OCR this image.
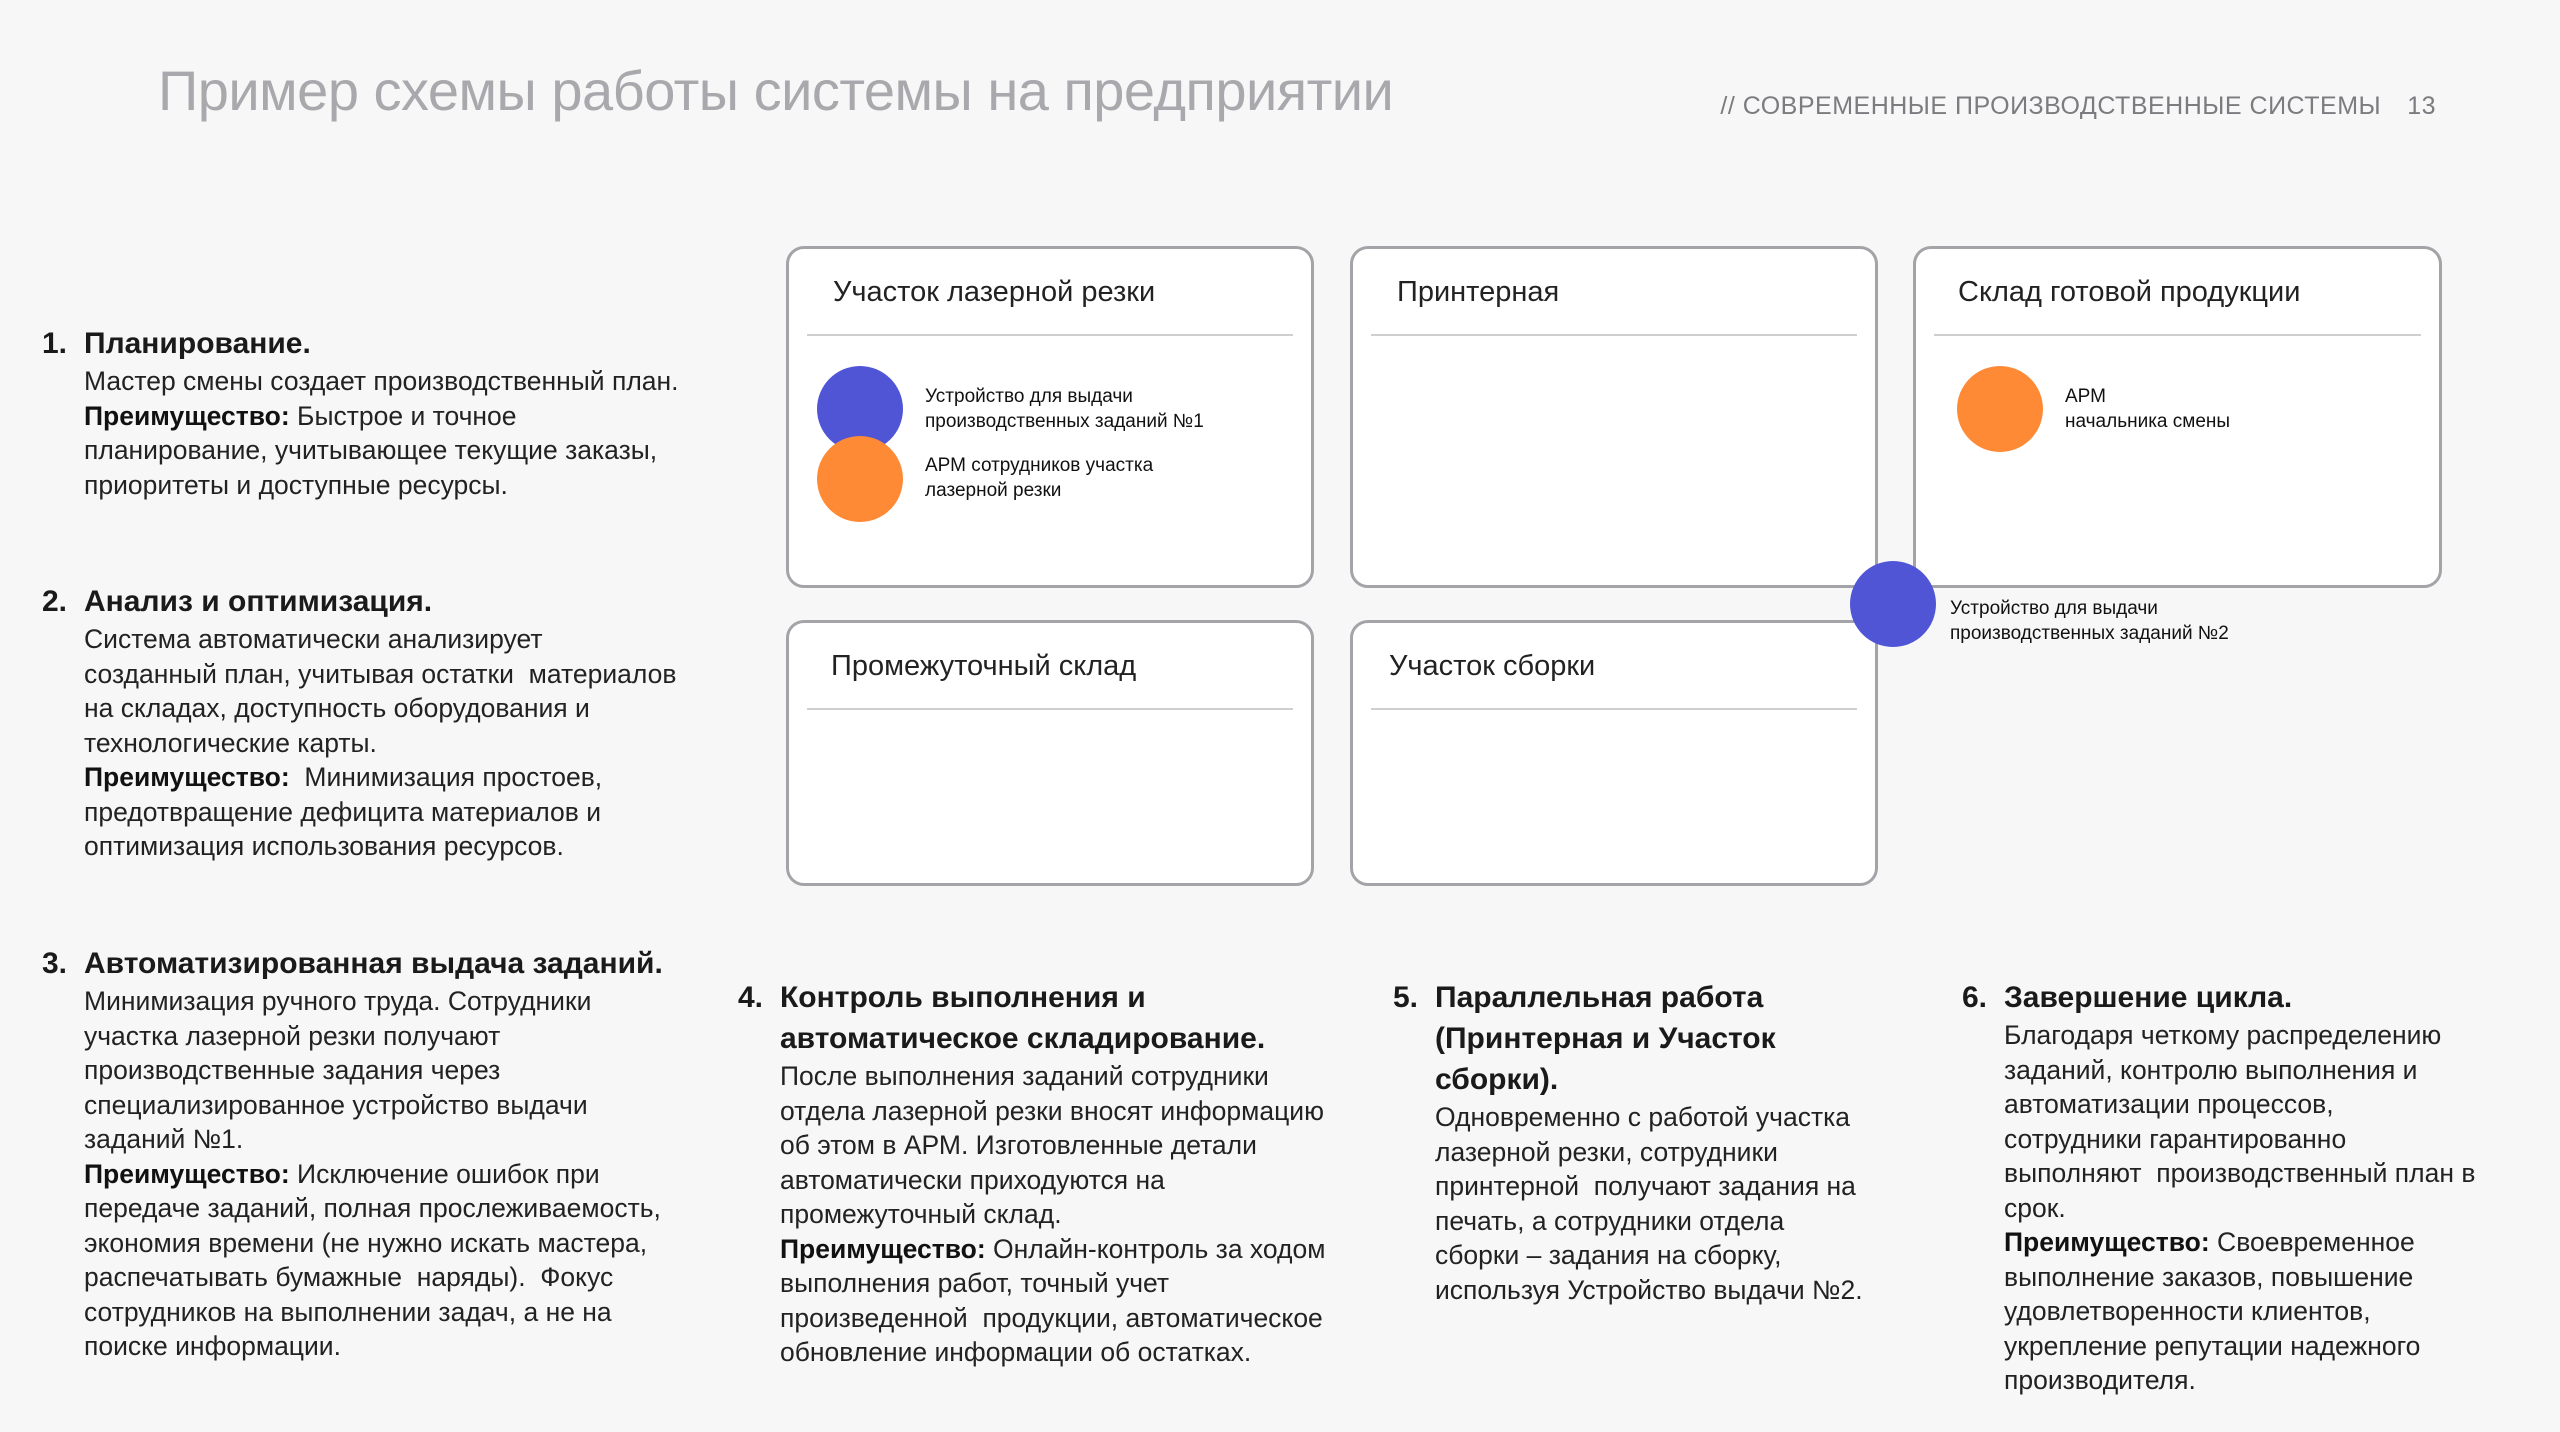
Пример схемы работы системы на предприятии	// СОВРЕМЕННЫЕ ПРОИЗВОДСТВЕННЫЕ СИСТЕМЫ 13
Участок лазерной резки	Принтерная	Склад готовой продукции
Промежуточный склад	Участок сборки
Устройство для выдачи
производственных заданий №1
АРМ сотрудников участка
лазерной резки
АРМ
начальника смены
Устройство для выдачи
производственных заданий №2
1. Планирование.
Мастер смены создает производственный план.
Преимущество: Быстрое и точное
планирование, учитывающее текущие заказы,
приоритеты и доступные ресурсы.
2. Анализ и оптимизация.
Система автоматически анализирует
созданный план, учитывая остатки  материалов
на складах, доступность оборудования и
технологические карты.
Преимущество:  Минимизация простоев,
предотвращение дефицита материалов и
оптимизация использования ресурсов.
3. Автоматизированная выдача заданий.
Минимизация ручного труда. Сотрудники
участка лазерной резки получают
производственные задания через
специализированное устройство выдачи
заданий №1.
Преимущество: Исключение ошибок при
передаче заданий, полная прослеживаемость,
экономия времени (не нужно искать мастера,
распечатывать бумажные  наряды).  Фокус
сотрудников на выполнении задач, а не на
поиске информации.
4. Контроль выполнения и
автоматическое складирование.
После выполнения заданий сотрудники
отдела лазерной резки вносят информацию
об этом в АРМ. Изготовленные детали
автоматически приходуются на
промежуточный склад.
Преимущество: Онлайн-контроль за ходом
выполнения работ, точный учет
произведенной  продукции, автоматическое
обновление информации об остатках.
5. Параллельная работа
(Принтерная и Участок
сборки).
Одновременно с работой участка
лазерной резки, сотрудники
принтерной  получают задания на
печать, а сотрудники отдела
сборки – задания на сборку,
используя Устройство выдачи №2.
6. Завершение цикла.
Благодаря четкому распределению
заданий, контролю выполнения и
автоматизации процессов,
сотрудники гарантированно
выполняют  производственный план в
срок.
Преимущество: Своевременное
выполнение заказов, повышение
удовлетворенности клиентов,
укрепление репутации надежного
производителя.
